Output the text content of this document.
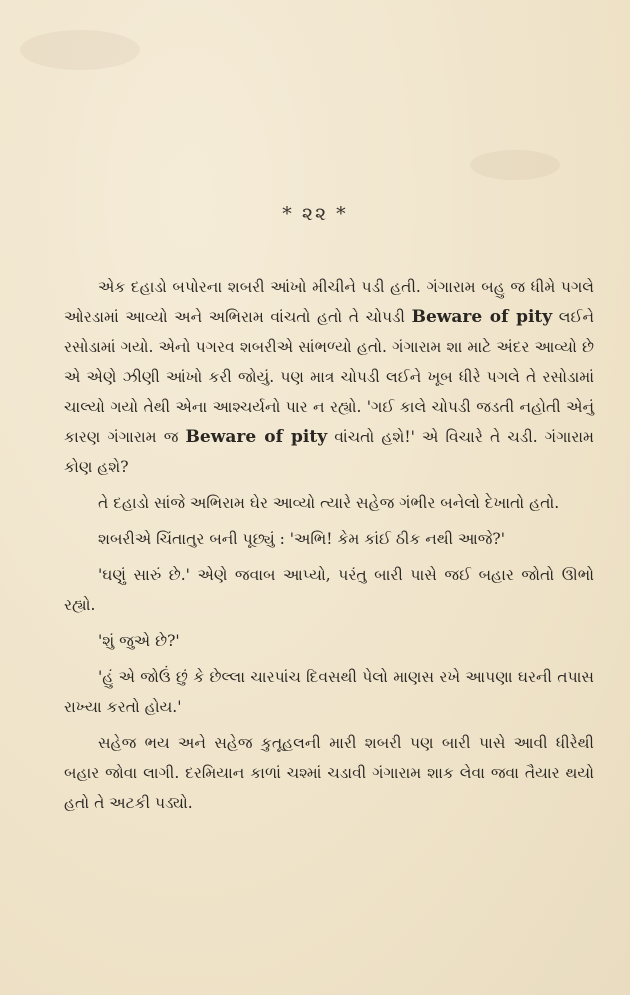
* ૨૨ *

એક દહાડો બપોરના શબરી આંખો મીચીને પડી હતી. ગંગારામ બહુ જ ધીમે પગલે ઓરડામાં આવ્યો અને અભિરામ વાંચતો હતો તે ચોપડી Beware of pity લઈને રસોડામાં ગયો. એનો પગરવ શબરીએ સાંભળ્યો હતો. ગંગારામ શા માટે અંદર આવ્યો છે એ એણે ઝીણી આંખો કરી જોયું. પણ માત્ર ચોપડી લઈને ખૂબ ધીરે પગલે તે રસોડામાં ચાલ્યો ગયો તેથી એના આશ્ચર્યનો પાર ન રહ્યો. 'ગઈ કાલે ચોપડી જડતી નહોતી એનું કારણ ગંગારામ જ Beware of pity વાંચતો હશે!' એ વિચારે તે ચડી. ગંગારામ કોણ હશે?

તે દહાડો સાંજે અભિરામ ઘેર આવ્યો ત્યારે સહેજ ગંભીર બનેલો દેખાતો હતો.

શબરીએ ચિંતાતુર બની પૂછ્યું : 'અભિ! કેમ કાંઈ ઠીક નથી આજે?'

'ઘણું સારું છે.' એણે જવાબ આપ્યો, પરંતુ બારી પાસે જઈ બહાર જોતો ઊભો રહ્યો.

'શું જુએ છે?'

'હું એ જોઉં છું કે છેલ્લા ચારપાંચ દિવસથી પેલો માણસ રખે આપણા ઘરની તપાસ રાખ્યા કરતો હોય.'

સહેજ ભય અને સહેજ કુતૂહલની મારી શબરી પણ બારી પાસે આવી ધીરેથી બહાર જોવા લાગી. દરમિયાન કાળાં ચશ્માં ચડાવી ગંગારામ શાક લેવા જવા તૈયાર થયો હતો તે અટકી પડ્યો.
